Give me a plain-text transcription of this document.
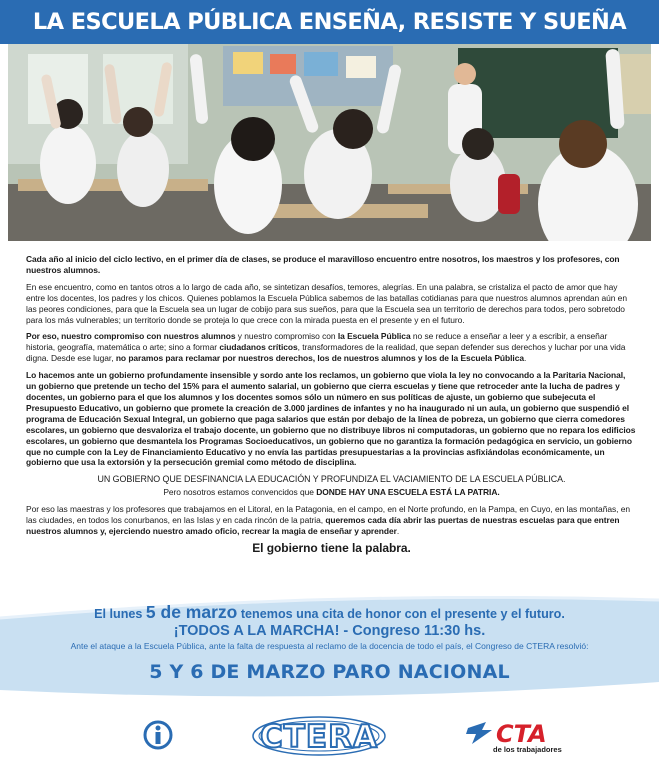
LA ESCUELA PÚBLICA ENSEÑA, RESISTE Y SUEÑA

Cada año al inicio del ciclo lectivo, en el primer día de clases, se produce el maravilloso encuentro entre nosotros, los maestros y los profesores, con nuestros alumnos.

En ese encuentro, como en tantos otros a lo largo de cada año, se sintetizan desafíos, temores, alegrías. En una palabra, se cristaliza el pacto de amor que hay entre los docentes, los padres y los chicos. Quienes poblamos la Escuela Pública sabemos de las batallas cotidianas para que nuestros alumnos aprendan aún en las peores condiciones, para que la Escuela sea un lugar de cobijo para sus sueños, para que la Escuela sea un territorio de derechos para todos, pero sobretodo para los más vulnerables; un territorio donde se proteja lo que crece con la mirada puesta en el presente y en el futuro.

Por eso, nuestro compromiso con nuestros alumnos y nuestro compromiso con la Escuela Pública no se reduce a enseñar a leer y a escribir, a enseñar historia, geografía, matemática o arte; sino a formar ciudadanos críticos, transformadores de la realidad, que sepan defender sus derechos y luchar por una vida digna. Desde ese lugar, no paramos para reclamar por nuestros derechos, los de nuestros alumnos y los de la Escuela Pública.

Lo hacemos ante un gobierno profundamente insensible y sordo ante los reclamos, un gobierno que viola la ley no convocando a la Paritaria Nacional, un gobierno que pretende un techo del 15% para el aumento salarial, un gobierno que cierra escuelas y tiene que retroceder ante la lucha de padres y docentes, un gobierno para el que los alumnos y los docentes somos sólo un número en sus políticas de ajuste, un gobierno que subejecuta el Presupuesto Educativo, un gobierno que promete la creación de 3.000 jardines de infantes y no ha inaugurado ni un aula, un gobierno que suspendió el programa de Educación Sexual Integral, un gobierno que paga salarios que están por debajo de la línea de pobreza, un gobierno que cierra comedores escolares, un gobierno que desvaloriza el trabajo docente, un gobierno que no distribuye libros ni computadoras, un gobierno que no repara los edificios escolares, un gobierno que desmantela los Programas Socioeducativos, un gobierno que no garantiza la formación pedagógica en servicio, un gobierno que no cumple con la Ley de Financiamiento Educativo y no envía las partidas presupuestarias a la provincias asfixiándolas económicamente, un gobierno que usa la extorsión y la persecución gremial como método de disciplina.

UN GOBIERNO QUE DESFINANCIA LA EDUCACIÓN Y PROFUNDIZA EL VACIAMIENTO DE LA ESCUELA PÚBLICA.

Pero nosotros estamos convencidos que DONDE HAY UNA ESCUELA ESTÁ LA PATRIA.

Por eso las maestras y los profesores que trabajamos en el Litoral, en la Patagonia, en el campo, en el Norte profundo, en la Pampa, en Cuyo, en las montañas, en las ciudades, en todos los conurbanos, en las Islas y en cada rincón de la patria, queremos cada día abrir las puertas de nuestras escuelas para que entren nuestros alumnos y, ejerciendo nuestro amado oficio, recrear la magia de enseñar y aprender.

El gobierno tiene la palabra.

El lunes 5 de marzo tenemos una cita de honor con el presente y el futuro.
¡TODOS A LA MARCHA! - Congreso 11:30 hs.
Ante el ataque a la Escuela Pública, ante la falta de respuesta al reclamo de la docencia de todo el país, el Congreso de CTERA resolvió:
5 Y 6 DE MARZO PARO NACIONAL
CTERA	CTA
de los trabajadores
